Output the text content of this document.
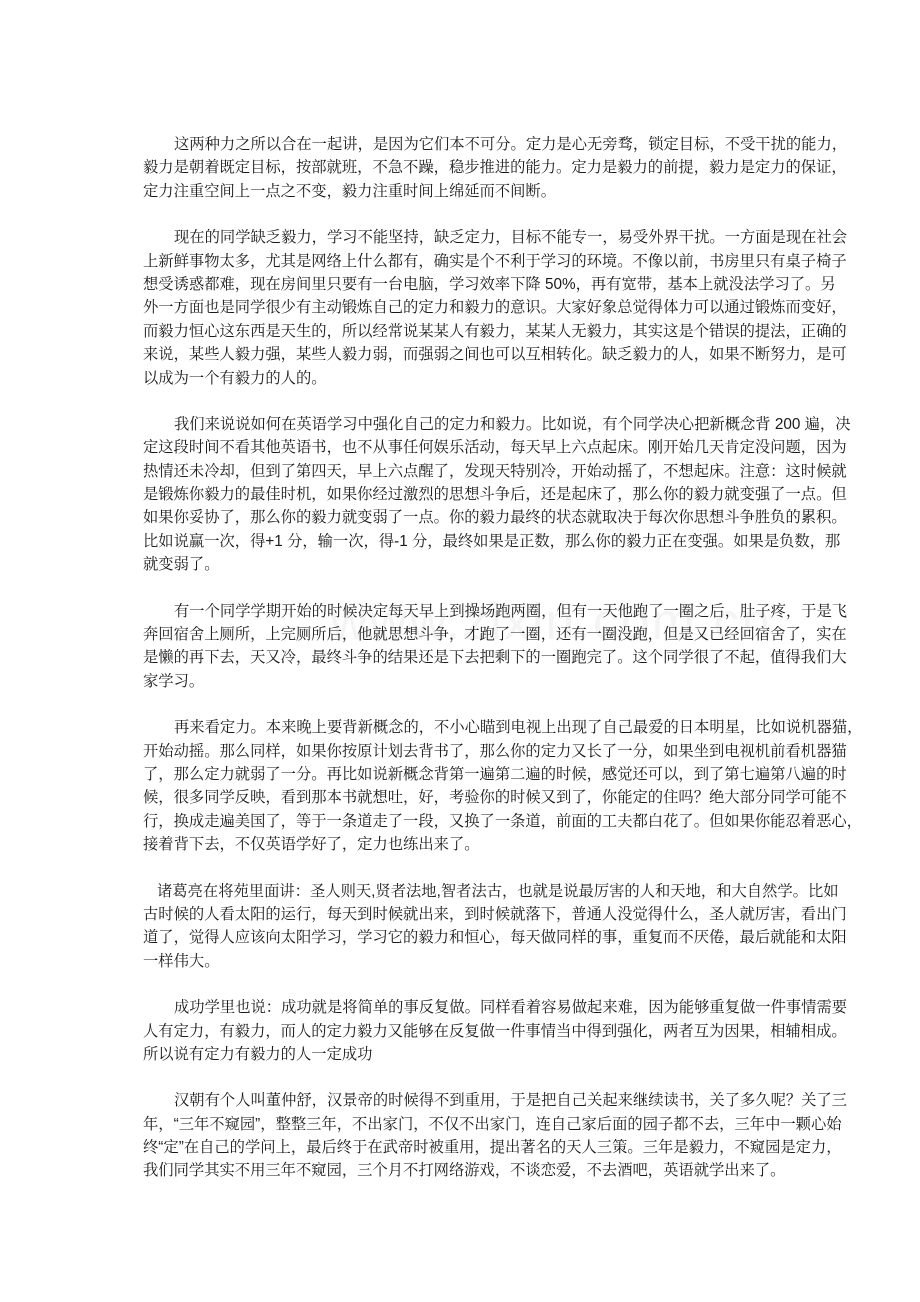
这两种力之所以合在一起讲，是因为它们本不可分。定力是心无旁骛，锁定目标，不受干扰的能力，
毅力是朝着既定目标，按部就班，不急不躁，稳步推进的能力。定力是毅力的前提，毅力是定力的保证，
定力注重空间上一点之不变，毅力注重时间上绵延而不间断。
现在的同学缺乏毅力，学习不能坚持，缺乏定力，目标不能专一，易受外界干扰。一方面是现在社会
上新鲜事物太多，尤其是网络上什么都有，确实是个不利于学习的环境。不像以前，书房里只有桌子椅子
想受诱惑都难，现在房间里只要有一台电脑，学习效率下降 50%，再有宽带，基本上就没法学习了。另
外一方面也是同学很少有主动锻炼自己的定力和毅力的意识。大家好象总觉得体力可以通过锻炼而变好，
而毅力恒心这东西是天生的，所以经常说某某人有毅力，某某人无毅力，其实这是个错误的提法，正确的
来说，某些人毅力强，某些人毅力弱，而强弱之间也可以互相转化。缺乏毅力的人，如果不断努力，是可
以成为一个有毅力的人的。
我们来说说如何在英语学习中强化自己的定力和毅力。比如说，有个同学决心把新概念背 200 遍，决
定这段时间不看其他英语书，也不从事任何娱乐活动，每天早上六点起床。刚开始几天肯定没问题，因为
热情还未冷却，但到了第四天，早上六点醒了，发现天特别冷，开始动摇了，不想起床。注意：这时候就
是锻炼你毅力的最佳时机，如果你经过激烈的思想斗争后，还是起床了，那么你的毅力就变强了一点。但
如果你妥协了，那么你的毅力就变弱了一点。你的毅力最终的状态就取决于每次你思想斗争胜负的累积。
比如说赢一次，得+1 分，输一次，得-1 分，最终如果是正数，那么你的毅力正在变强。如果是负数，那
就变弱了。
有一个同学学期开始的时候决定每天早上到操场跑两圈，但有一天他跑了一圈之后，肚子疼，于是飞
奔回宿舍上厕所，上完厕所后，他就思想斗争，才跑了一圈，还有一圈没跑，但是又已经回宿舍了，实在
是懒的再下去，天又冷，最终斗争的结果还是下去把剩下的一圈跑完了。这个同学很了不起，值得我们大
家学习。
再来看定力。本来晚上要背新概念的，不小心瞄到电视上出现了自己最爱的日本明星，比如说机器猫，
开始动摇。那么同样，如果你按原计划去背书了，那么你的定力又长了一分，如果坐到电视机前看机器猫
了，那么定力就弱了一分。再比如说新概念背第一遍第二遍的时候，感觉还可以，到了第七遍第八遍的时
候，很多同学反映，看到那本书就想吐，好，考验你的时候又到了，你能定的住吗？绝大部分同学可能不
行，换成走遍美国了，等于一条道走了一段，又换了一条道，前面的工夫都白花了。但如果你能忍着恶心，
接着背下去，不仅英语学好了，定力也练出来了。
诸葛亮在将苑里面讲：圣人则天,贤者法地,智者法古，也就是说最厉害的人和天地，和大自然学。比如
古时候的人看太阳的运行，每天到时候就出来，到时候就落下，普通人没觉得什么，圣人就厉害，看出门
道了，觉得人应该向太阳学习，学习它的毅力和恒心，每天做同样的事，重复而不厌倦，最后就能和太阳
一样伟大。
成功学里也说：成功就是将简单的事反复做。同样看着容易做起来难，因为能够重复做一件事情需要
人有定力，有毅力，而人的定力毅力又能够在反复做一件事情当中得到强化，两者互为因果，相辅相成。
所以说有定力有毅力的人一定成功
汉朝有个人叫董仲舒，汉景帝的时候得不到重用，于是把自己关起来继续读书，关了多久呢？关了三
年，“三年不窥园”，整整三年，不出家门，不仅不出家门，连自己家后面的园子都不去，三年中一颗心始
终“定”在自己的学问上，最后终于在武帝时被重用，提出著名的天人三策。三年是毅力，不窥园是定力，
我们同学其实不用三年不窥园，三个月不打网络游戏，不谈恋爱，不去酒吧，英语就学出来了。
